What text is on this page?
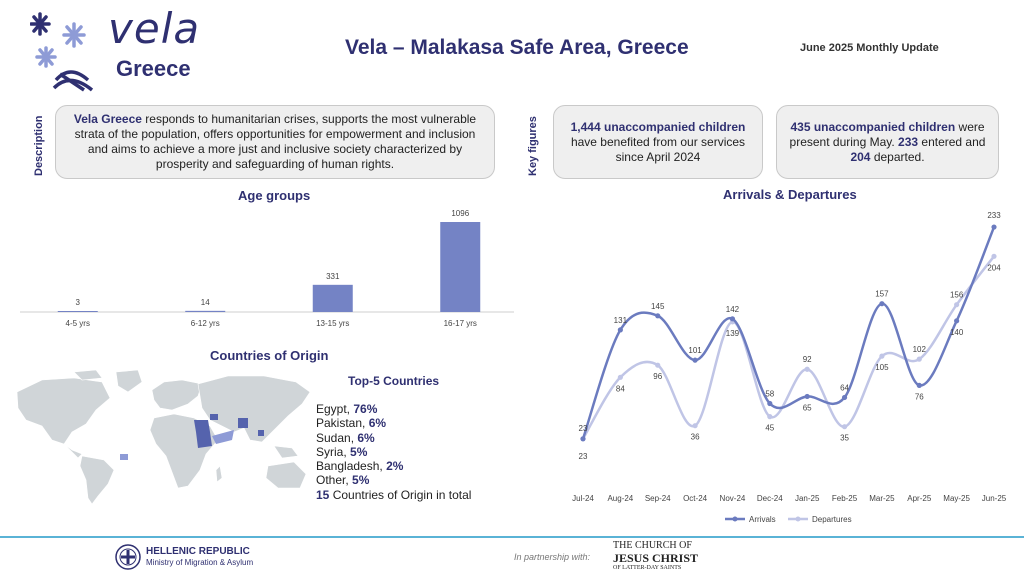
vela
Greece
Vela – Malakasa Safe Area, Greece	June 2025 Monthly Update
Description	Key figures
Vela Greece responds to humanitarian crises, supports the most vulnerable strata of the population, offers opportunities for empowerment and inclusion and aims to achieve a more just and inclusive society characterized by prosperity and safeguarding of human rights.
1,444 unaccompanied children have benefited from our services since April 2024
435 unaccompanied children were present during May. 233 entered and 204 departed.
Age groups
3
4-5 yrs
14
6-12 yrs
331
13-15 yrs
1096
16-17 yrs
Countries of Origin
Top-5 Countries
Egypt, 76%
Pakistan, 6%
Sudan, 6%
Syria, 5%
Bangladesh, 2%
Other, 5%
15 Countries of Origin in total
Arrivals & Departures
23
131
145
101
142
58
65
64
157
76
140
233
23
84
96
36
139
45
92
35
105
102
156
204
Jul-24 Aug-24 Sep-24 Oct-24 Nov-24 Dec-24 Jan-25 Feb-25 Mar-25 Apr-25 May-25 Jun-25
Arrivals	Departures
HELLENIC REPUBLIC
Ministry of Migration & Asylum
In partnership with:
THE CHURCH OF
JESUS CHRIST
OF LATTER-DAY SAINTS
